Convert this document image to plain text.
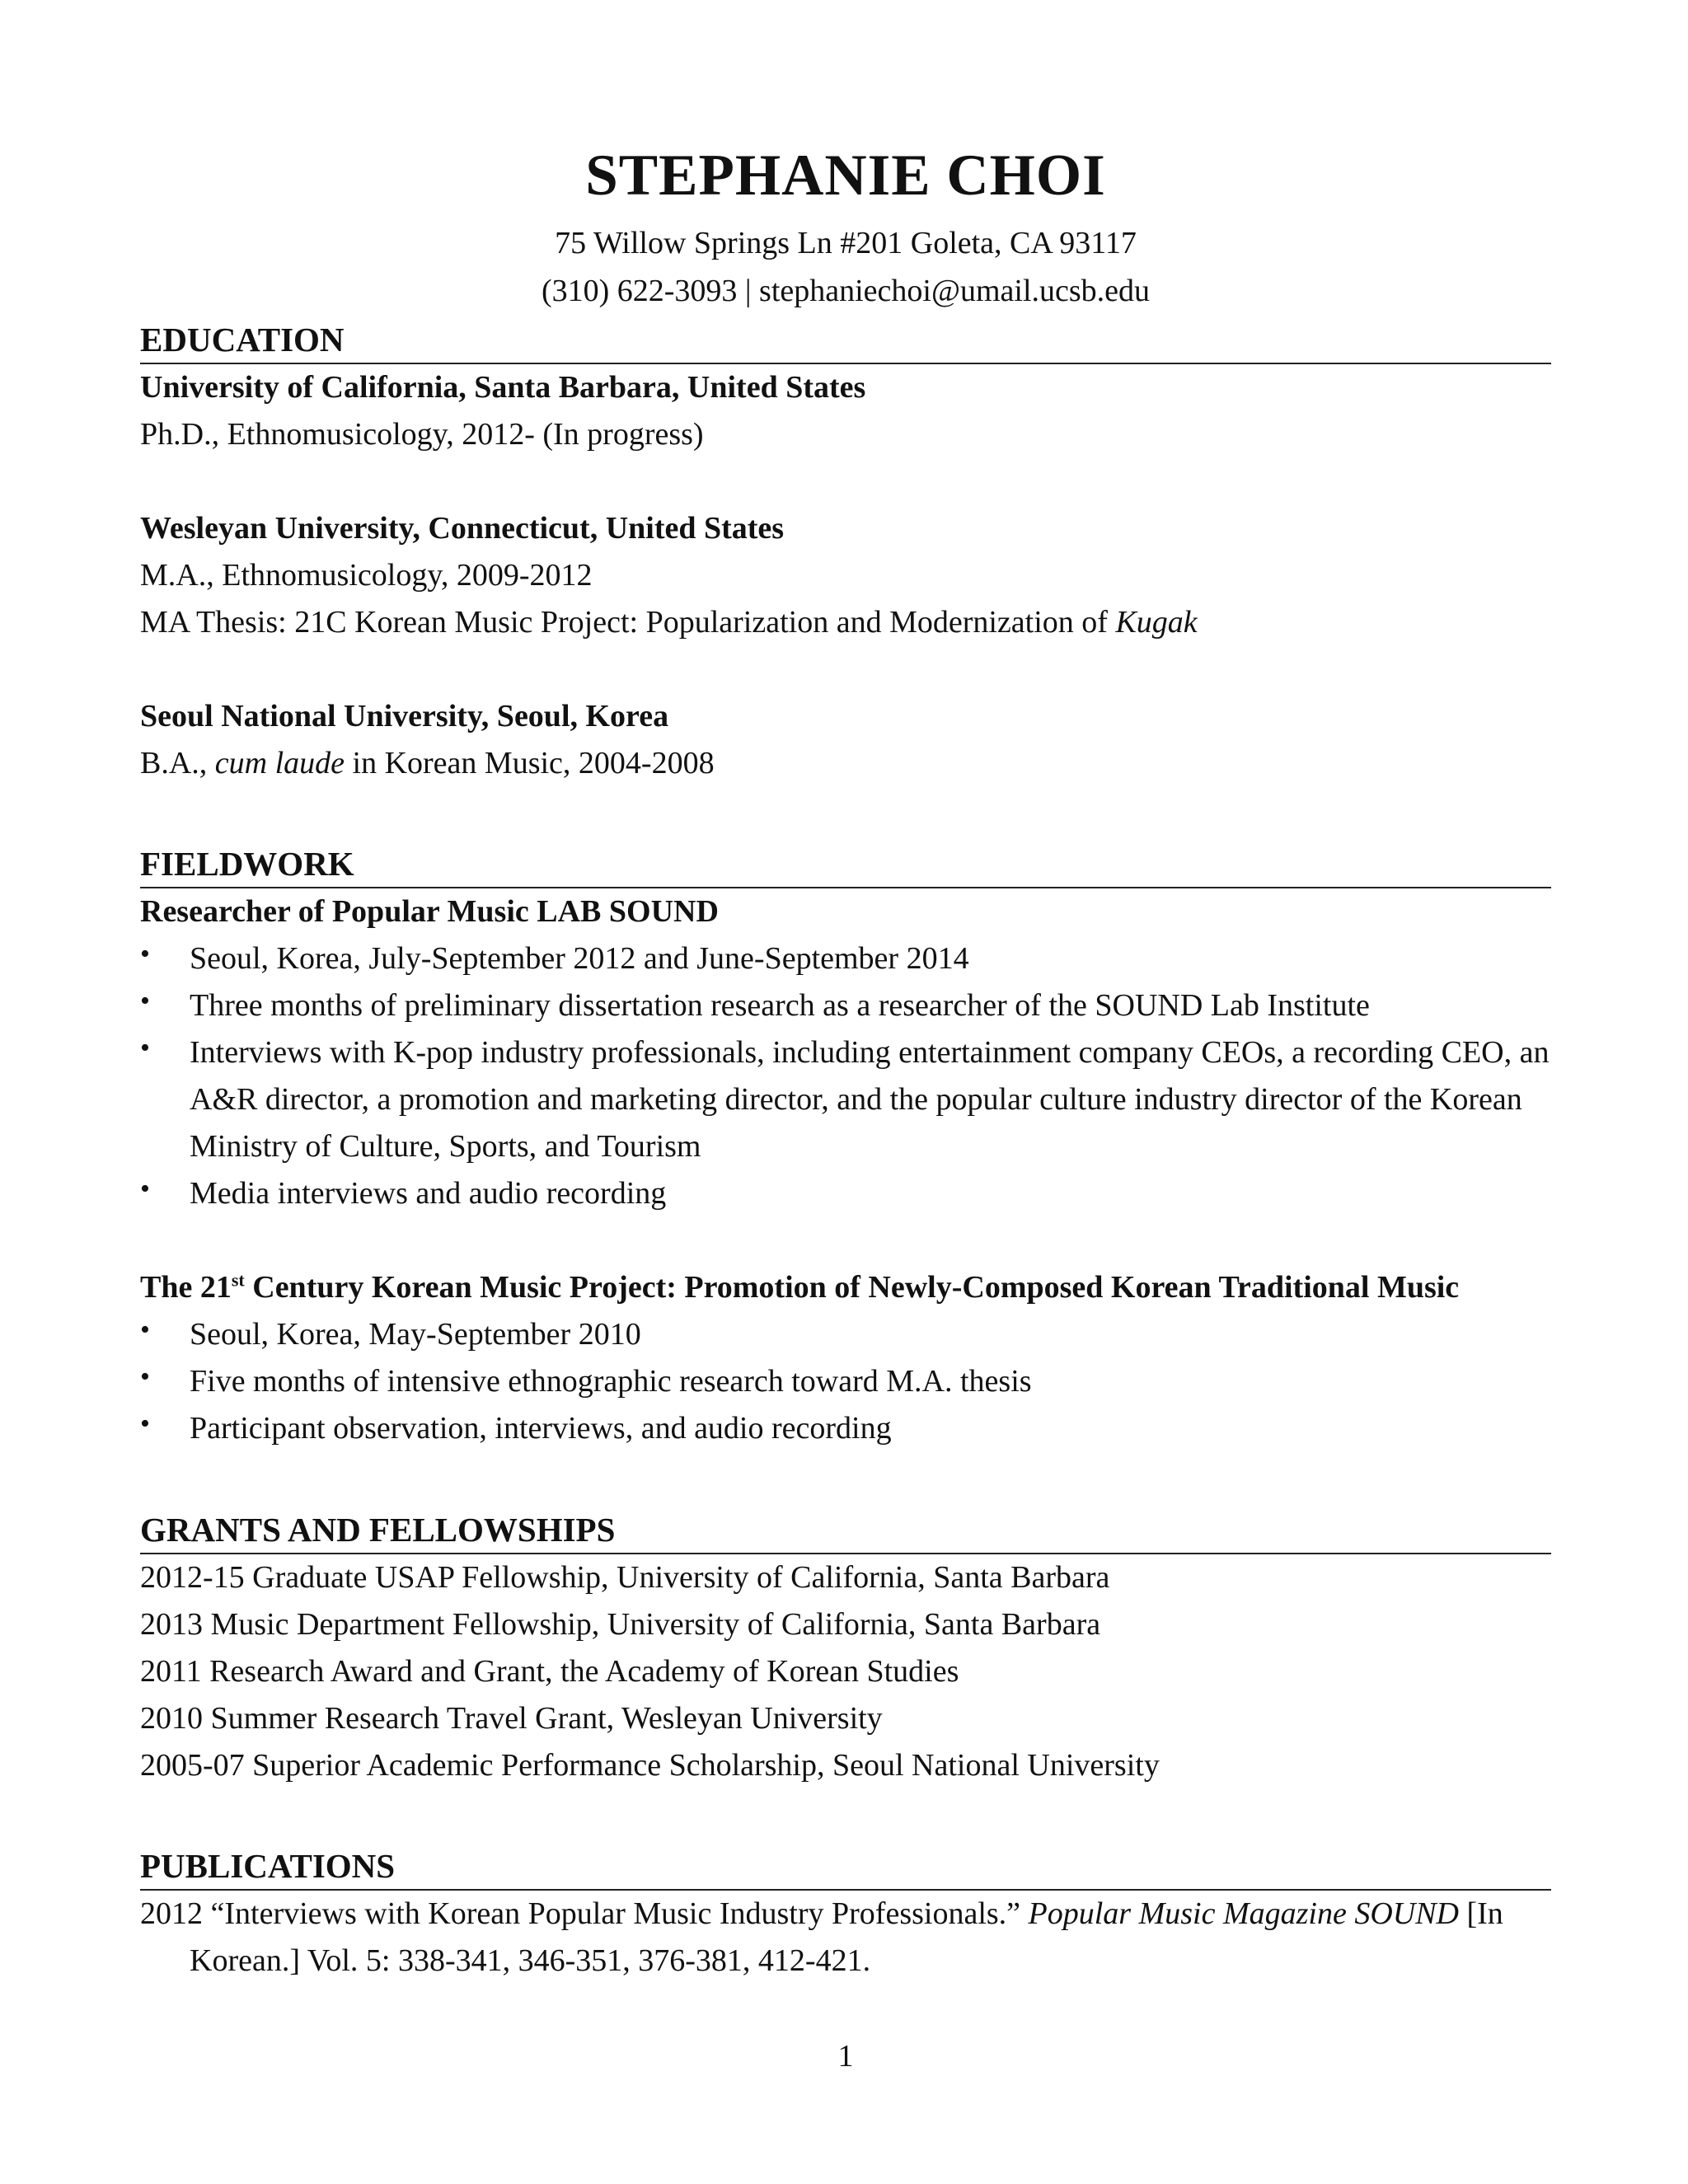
STEPHANIE CHOI
75 Willow Springs Ln #201 Goleta, CA 93117
(310) 622-3093 | stephaniechoi@umail.ucsb.edu
EDUCATION
University of California, Santa Barbara, United States
Ph.D., Ethnomusicology, 2012- (In progress)
Wesleyan University, Connecticut, United States
M.A., Ethnomusicology, 2009-2012
MA Thesis: 21C Korean Music Project: Popularization and Modernization of Kugak
Seoul National University, Seoul, Korea
B.A., cum laude in Korean Music, 2004-2008
FIELDWORK
Researcher of Popular Music LAB SOUND
• Seoul, Korea, July-September 2012 and June-September 2014
• Three months of preliminary dissertation research as a researcher of the SOUND Lab Institute
• Interviews with K-pop industry professionals, including entertainment company CEOs, a recording CEO, an A&R director, a promotion and marketing director, and the popular culture industry director of the Korean Ministry of Culture, Sports, and Tourism
• Media interviews and audio recording
The 21st Century Korean Music Project: Promotion of Newly-Composed Korean Traditional Music
• Seoul, Korea, May-September 2010
• Five months of intensive ethnographic research toward M.A. thesis
• Participant observation, interviews, and audio recording
GRANTS AND FELLOWSHIPS
2012-15 Graduate USAP Fellowship, University of California, Santa Barbara
2013 Music Department Fellowship, University of California, Santa Barbara
2011 Research Award and Grant, the Academy of Korean Studies
2010 Summer Research Travel Grant, Wesleyan University
2005-07 Superior Academic Performance Scholarship, Seoul National University
PUBLICATIONS
2012 “Interviews with Korean Popular Music Industry Professionals.” Popular Music Magazine SOUND [In Korean.] Vol. 5: 338-341, 346-351, 376-381, 412-421.
1
